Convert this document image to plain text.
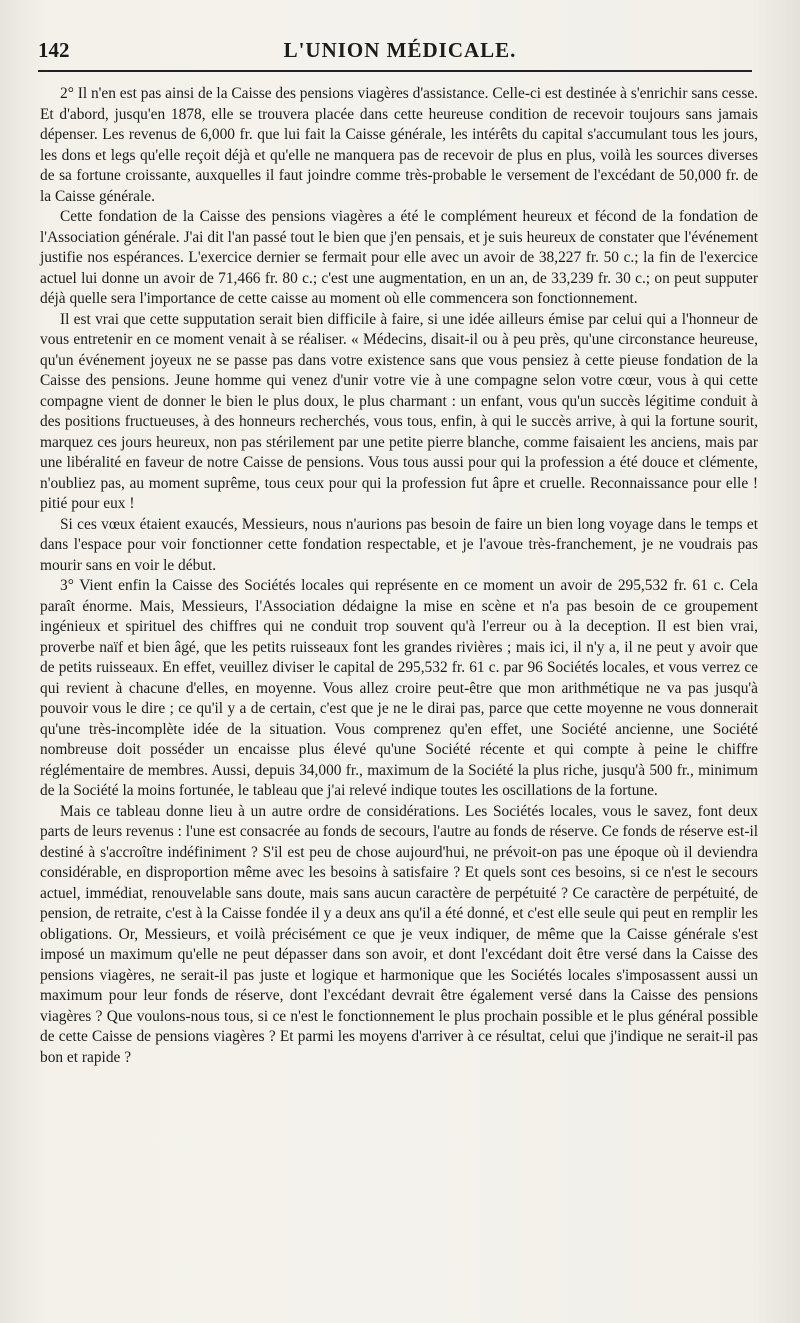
142	L'UNION MÉDICALE.

2° Il n'en est pas ainsi de la Caisse des pensions viagères d'assistance. Celle-ci est destinée à s'enrichir sans cesse. Et d'abord, jusqu'en 1878, elle se trouvera placée dans cette heureuse condition de recevoir toujours sans jamais dépenser. Les revenus de 6,000 fr. que lui fait la Caisse générale, les intérêts du capital s'accumulant tous les jours, les dons et legs qu'elle reçoit déjà et qu'elle ne manquera pas de recevoir de plus en plus, voilà les sources diverses de sa fortune croissante, auxquelles il faut joindre comme très-probable le versement de l'excédant de 50,000 fr. de la Caisse générale.

Cette fondation de la Caisse des pensions viagères a été le complément heureux et fécond de la fondation de l'Association générale. J'ai dit l'an passé tout le bien que j'en pensais, et je suis heureux de constater que l'événement justifie nos espérances. L'exercice dernier se fermait pour elle avec un avoir de 38,227 fr. 50 c.; la fin de l'exercice actuel lui donne un avoir de 71,466 fr. 80 c.; c'est une augmentation, en un an, de 33,239 fr. 30 c.; on peut supputer déjà quelle sera l'importance de cette caisse au moment où elle commencera son fonctionnement.

Il est vrai que cette supputation serait bien difficile à faire, si une idée ailleurs émise par celui qui a l'honneur de vous entretenir en ce moment venait à se réaliser. « Médecins, disait-il ou à peu près, qu'une circonstance heureuse, qu'un événement joyeux ne se passe pas dans votre existence sans que vous pensiez à cette pieuse fondation de la Caisse des pensions. Jeune homme qui venez d'unir votre vie à une compagne selon votre cœur, vous à qui cette compagne vient de donner le bien le plus doux, le plus charmant : un enfant, vous qu'un succès légitime conduit à des positions fructueuses, à des honneurs recherchés, vous tous, enfin, à qui le succès arrive, à qui la fortune sourit, marquez ces jours heureux, non pas stérilement par une petite pierre blanche, comme faisaient les anciens, mais par une libéralité en faveur de notre Caisse de pensions. Vous tous aussi pour qui la profession a été douce et clémente, n'oubliez pas, au moment suprême, tous ceux pour qui la profession fut âpre et cruelle. Reconnaissance pour elle ! pitié pour eux !

Si ces vœux étaient exaucés, Messieurs, nous n'aurions pas besoin de faire un bien long voyage dans le temps et dans l'espace pour voir fonctionner cette fondation respectable, et je l'avoue très-franchement, je ne voudrais pas mourir sans en voir le début.

3° Vient enfin la Caisse des Sociétés locales qui représente en ce moment un avoir de 295,532 fr. 61 c. Cela paraît énorme. Mais, Messieurs, l'Association dédaigne la mise en scène et n'a pas besoin de ce groupement ingénieux et spirituel des chiffres qui ne conduit trop souvent qu'à l'erreur ou à la deception. Il est bien vrai, proverbe naïf et bien âgé, que les petits ruisseaux font les grandes rivières ; mais ici, il n'y a, il ne peut y avoir que de petits ruisseaux. En effet, veuillez diviser le capital de 295,532 fr. 61 c. par 96 Sociétés locales, et vous verrez ce qui revient à chacune d'elles, en moyenne. Vous allez croire peut-être que mon arithmétique ne va pas jusqu'à pouvoir vous le dire ; ce qu'il y a de certain, c'est que je ne le dirai pas, parce que cette moyenne ne vous donnerait qu'une très-incomplète idée de la situation. Vous comprenez qu'en effet, une Société ancienne, une Société nombreuse doit posséder un encaisse plus élevé qu'une Société récente et qui compte à peine le chiffre réglémentaire de membres. Aussi, depuis 34,000 fr., maximum de la Société la plus riche, jusqu'à 500 fr., minimum de la Société la moins fortunée, le tableau que j'ai relevé indique toutes les oscillations de la fortune.

Mais ce tableau donne lieu à un autre ordre de considérations. Les Sociétés locales, vous le savez, font deux parts de leurs revenus : l'une est consacrée au fonds de secours, l'autre au fonds de réserve. Ce fonds de réserve est-il destiné à s'accroître indéfiniment ? S'il est peu de chose aujourd'hui, ne prévoit-on pas une époque où il deviendra considérable, en disproportion même avec les besoins à satisfaire ? Et quels sont ces besoins, si ce n'est le secours actuel, immédiat, renouvelable sans doute, mais sans aucun caractère de perpétuité ? Ce caractère de perpétuité, de pension, de retraite, c'est à la Caisse fondée il y a deux ans qu'il a été donné, et c'est elle seule qui peut en remplir les obligations. Or, Messieurs, et voilà précisément ce que je veux indiquer, de même que la Caisse générale s'est imposé un maximum qu'elle ne peut dépasser dans son avoir, et dont l'excédant doit être versé dans la Caisse des pensions viagères, ne serait-il pas juste et logique et harmonique que les Sociétés locales s'imposassent aussi un maximum pour leur fonds de réserve, dont l'excédant devrait être également versé dans la Caisse des pensions viagères ? Que voulons-nous tous, si ce n'est le fonctionnement le plus prochain possible et le plus général possible de cette Caisse de pensions viagères ? Et parmi les moyens d'arriver à ce résultat, celui que j'indique ne serait-il pas bon et rapide ?
